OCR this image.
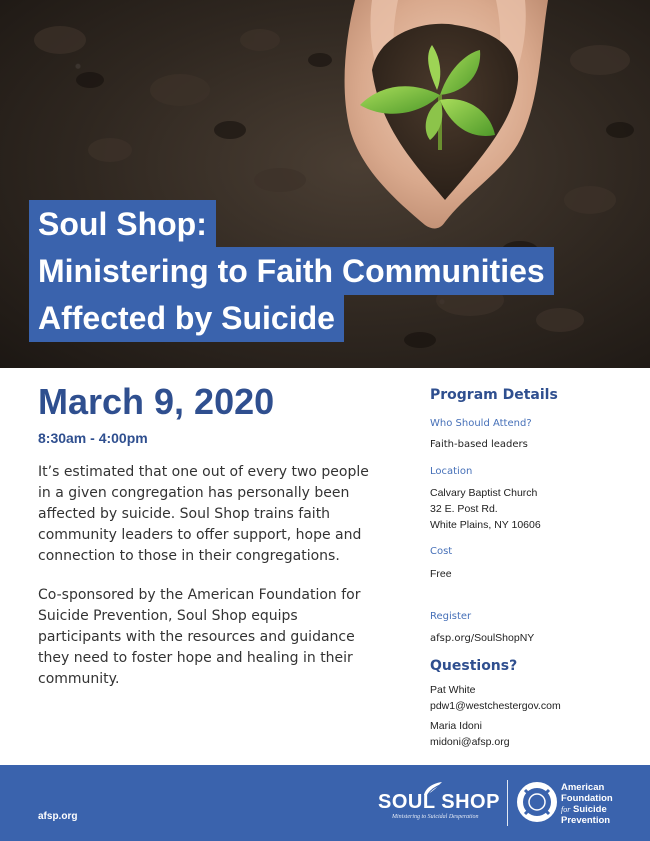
Soul Shop:
Ministering to Faith Communities
Affected by Suicide
March 9, 2020
8:30am - 4:00pm

It’s estimated that one out of every two people in a given congregation has personally been affected by suicide. Soul Shop trains faith community leaders to offer support, hope and connection to those in their congregations.

Co-sponsored by the American Foundation for Suicide Prevention, Soul Shop equips participants with the resources and guidance they need to foster hope and healing in their community.

Program Details
Who Should Attend?
Faith-based leaders
Location
Calvary Baptist Church
32 E. Post Rd.
White Plains, NY 10606
Cost
Free
Register
afsp.org/SoulShopNY
Questions?
Pat White
pdw1@westchestergov.com
Maria Idoni
midoni@afsp.org
afsp.org
SOUL SHOP
Ministering to Suicidal Desperation
American
Foundation
for Suicide
Prevention
